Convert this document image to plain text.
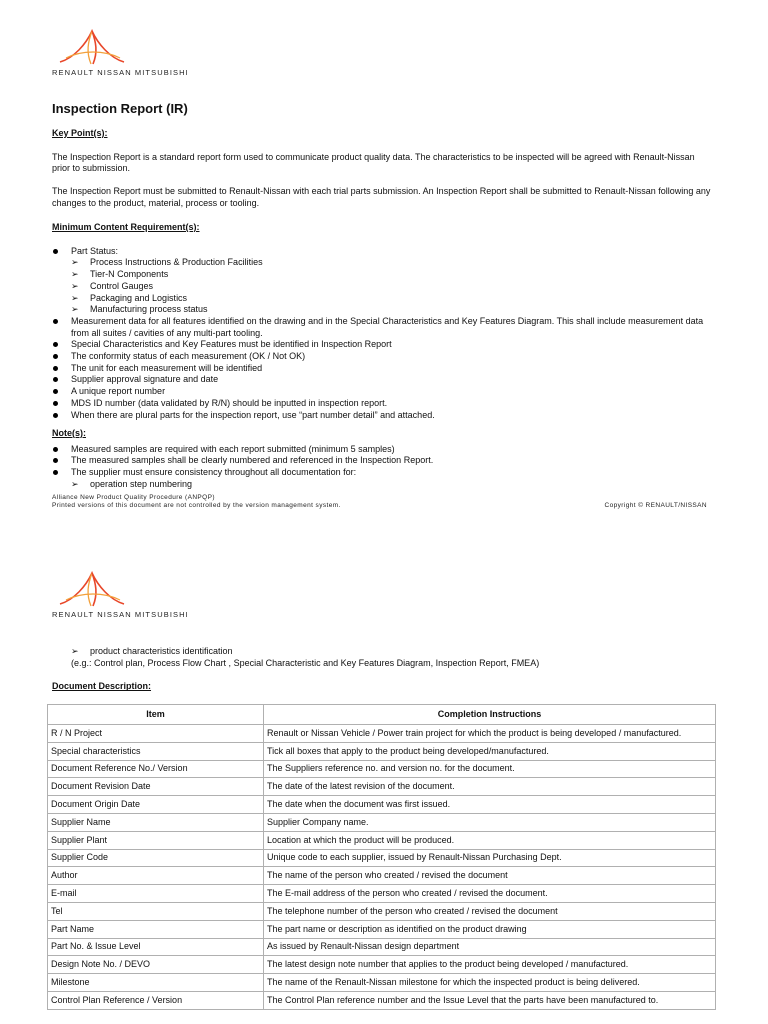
RENAULT NISSAN MITSUBISHI
Inspection Report (IR)
Key Point(s):
The Inspection Report is a standard report form used to communicate product quality data. The characteristics to be inspected will be agreed with Renault-Nissan prior to submission.
The Inspection Report must be submitted to Renault-Nissan with each trial parts submission. An Inspection Report shall be submitted to Renault-Nissan following any changes to the product, material, process or tooling.
Minimum Content Requirement(s):
Part Status:
➢ Process Instructions & Production Facilities
➢ Tier-N Components
➢ Control Gauges
➢ Packaging and Logistics
➢ Manufacturing process status
Measurement data for all features identified on the drawing and in the Special Characteristics and Key Features Diagram. This shall include measurement data from all suites / cavities of any multi-part tooling.
Special Characteristics and Key Features must be identified in Inspection Report
The conformity status of each measurement (OK / Not OK)
The unit for each measurement will be identified
Supplier approval signature and date
A unique report number
MDS ID number (data validated by R/N) should be inputted in inspection report.
When there are plural parts for the inspection report, use “part number detail” and attached.
Note(s):
Measured samples are required with each report submitted (minimum 5 samples)
The measured samples shall be clearly numbered and referenced in the Inspection Report.
The supplier must ensure consistency throughout all documentation for:
➢ operation step numbering
Alliance New Product Quality Procedure (ANPQP)
Printed versions of this document are not controlled by the version management system.	Copyright © RENAULT/NISSAN
RENAULT NISSAN MITSUBISHI
➢ product characteristics identification
(e.g.: Control plan, Process Flow Chart , Special Characteristic and Key Features Diagram, Inspection Report, FMEA)
Document Description:
Item	Completion Instructions
R / N Project	Renault or Nissan Vehicle / Power train project for which the product is being developed / manufactured.
Special characteristics	Tick all boxes that apply to the product being developed/manufactured.
Document Reference No./ Version	The Suppliers reference no. and version no. for the document.
Document Revision Date	The date of the latest revision of the document.
Document Origin Date	The date when the document was first issued.
Supplier Name	Supplier Company name.
Supplier Plant	Location at which the product will be produced.
Supplier Code	Unique code to each supplier, issued by Renault-Nissan Purchasing Dept.
Author	The name of the person who created / revised the document
E-mail	The E-mail address of the person who created / revised the document.
Tel	The telephone number of the person who created / revised the document
Part Name	The part name or description as identified on the product drawing
Part No. & Issue Level	As issued by Renault-Nissan design department
Design Note No. / DEVO	The latest design note number that applies to the product being developed / manufactured.
Milestone	The name of the Renault-Nissan milestone for which the inspected product is being delivered.
Control Plan Reference / Version	The Control Plan reference number and the Issue Level that the parts have been manufactured to.
